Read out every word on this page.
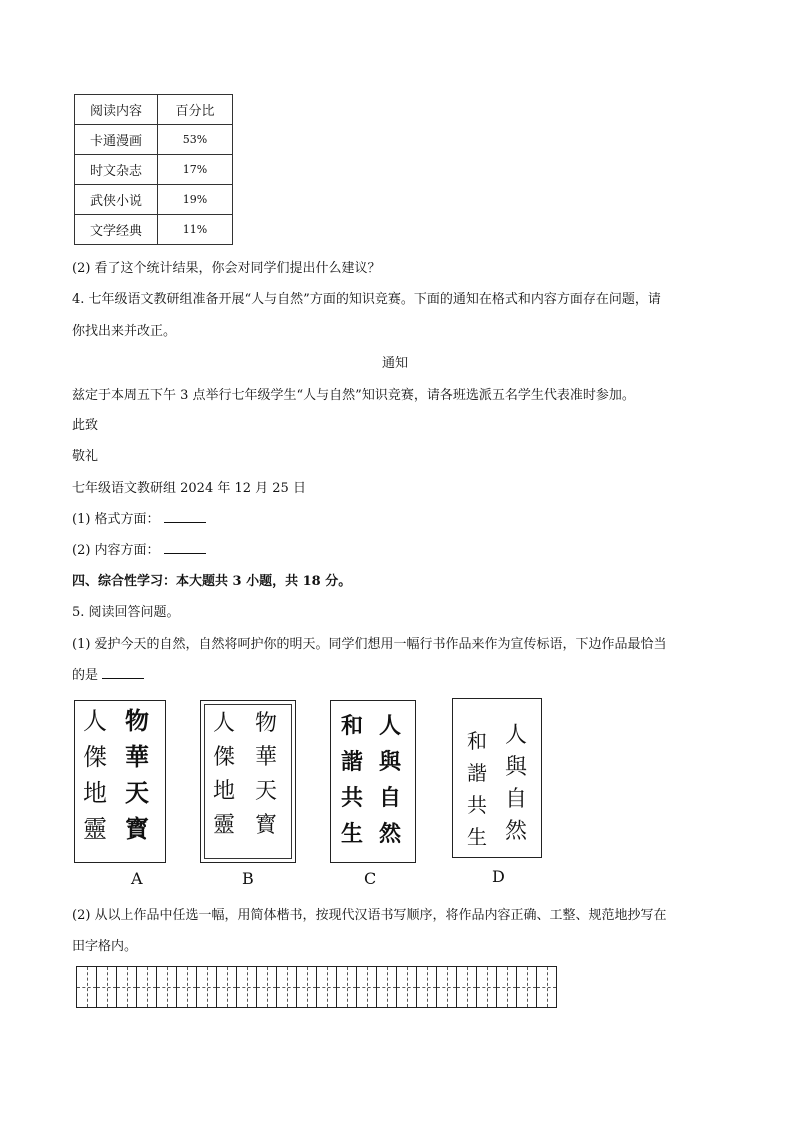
阅读内容	百分比
卡通漫画	53%
时文杂志	17%
武侠小说	19%
文学经典	11%
(2) 看了这个统计结果，你会对同学们提出什么建议？
4. 七年级语文教研组准备开展“人与自然”方面的知识竞赛。下面的通知在格式和内容方面存在问题，请
你找出来并改正。
通知
兹定于本周五下午 3 点举行七年级学生“人与自然”知识竞赛，请各班选派五名学生代表准时参加。
此致
敬礼
七年级语文教研组 2024 年 12 月 25 日
(1) 格式方面：
(2) 内容方面：
四、综合性学习：本大题共 3 小题，共 18 分。
5. 阅读回答问题。
(1) 爱护今天的自然，自然将呵护你的明天。同学们想用一幅行书作品来作为宣传标语，下边作品最恰当
的是
人
傑
地
靈
物
華
天
寳
A
人
傑
地
靈
物
華
天
寳
B
和
諧
共
生
人
與
自
然
C
和
諧
共
生
人
與
自
然
D
(2) 从以上作品中任选一幅，用简体楷书，按现代汉语书写顺序，将作品内容正确、工整、规范地抄写在
田字格内。
